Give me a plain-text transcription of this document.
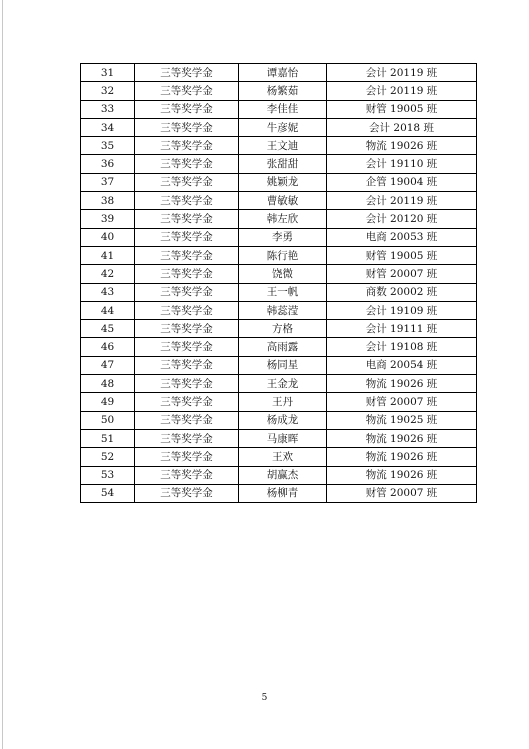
31	三等奖学金	谭嘉怡	会计 20119 班
32	三等奖学金	杨繁茹	会计 20119 班
33	三等奖学金	李佳佳	财管 19005 班
34	三等奖学金	牛彦妮	会计 2018 班
35	三等奖学金	王文迪	物流 19026 班
36	三等奖学金	张甜甜	会计 19110 班
37	三等奖学金	姚颖龙	企管 19004 班
38	三等奖学金	曹敏敏	会计 20119 班
39	三等奖学金	韩左欣	会计 20120 班
40	三等奖学金	李勇	电商 20053 班
41	三等奖学金	陈行艳	财管 19005 班
42	三等奖学金	饶微	财管 20007 班
43	三等奖学金	王一帆	商数 20002 班
44	三等奖学金	韩蕊滢	会计 19109 班
45	三等奖学金	方格	会计 19111 班
46	三等奖学金	高雨露	会计 19108 班
47	三等奖学金	杨同星	电商 20054 班
48	三等奖学金	王金龙	物流 19026 班
49	三等奖学金	王丹	财管 20007 班
50	三等奖学金	杨成龙	物流 19025 班
51	三等奖学金	马康晖	物流 19026 班
52	三等奖学金	王欢	物流 19026 班
53	三等奖学金	胡赢杰	物流 19026 班
54	三等奖学金	杨柳青	财管 20007 班
5
